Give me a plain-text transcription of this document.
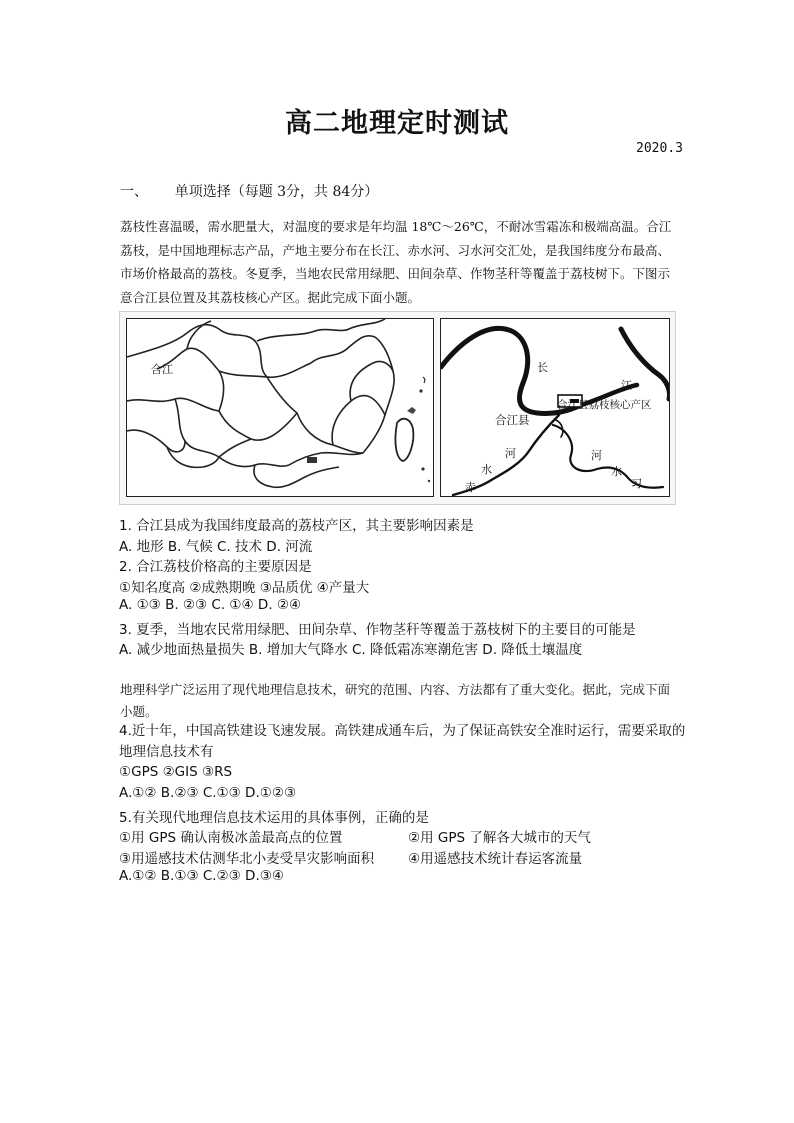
高二地理定时测试
2020.3
一、      单项选择（每题 3分，共 84分）
荔枝性喜温暖，需水肥量大，对温度的要求是年均温 18℃～26℃，不耐冰雪霜冻和极端高温。合江荔枝，是中国地理标志产品，产地主要分布在长江、赤水河、习水河交汇处，是我国纬度分布最高、市场价格最高的荔枝。冬夏季，当地农民常用绿肥、田间杂草、作物茎秆等覆盖于荔枝树下。下图示意合江县位置及其荔枝核心产区。据此完成下面小题。
合江	长
江
合江县荔枝核心产区
合江县
河
水
赤
河
水
习
1. 合江县成为我国纬度最高的荔枝产区，其主要影响因素是
A. 地形 B. 气候 C. 技术 D. 河流
2. 合江荔枝价格高的主要原因是
①知名度高 ②成熟期晚 ③品质优 ④产量大
A. ①③ B. ②③ C. ①④ D. ②④
3. 夏季，当地农民常用绿肥、田间杂草、作物茎秆等覆盖于荔枝树下的主要目的可能是
A. 减少地面热量损失 B. 增加大气降水 C. 降低霜冻寒潮危害 D. 降低土壤温度
地理科学广泛运用了现代地理信息技术，研究的范围、内容、方法都有了重大变化。据此，完成下面小题。
4.近十年，中国高铁建设飞速发展。高铁建成通车后，为了保证高铁安全准时运行，需要采取的地理信息技术有
①GPS ②GIS ③RS
A.①② B.②③ C.①③ D.①②③
5.有关现代地理信息技术运用的具体事例，正确的是
①用 GPS 确认南极冰盖最高点的位置	②用 GPS 了解各大城市的天气
③用遥感技术估测华北小麦受旱灾影响面积	④用遥感技术统计春运客流量
A.①② B.①③ C.②③ D.③④
